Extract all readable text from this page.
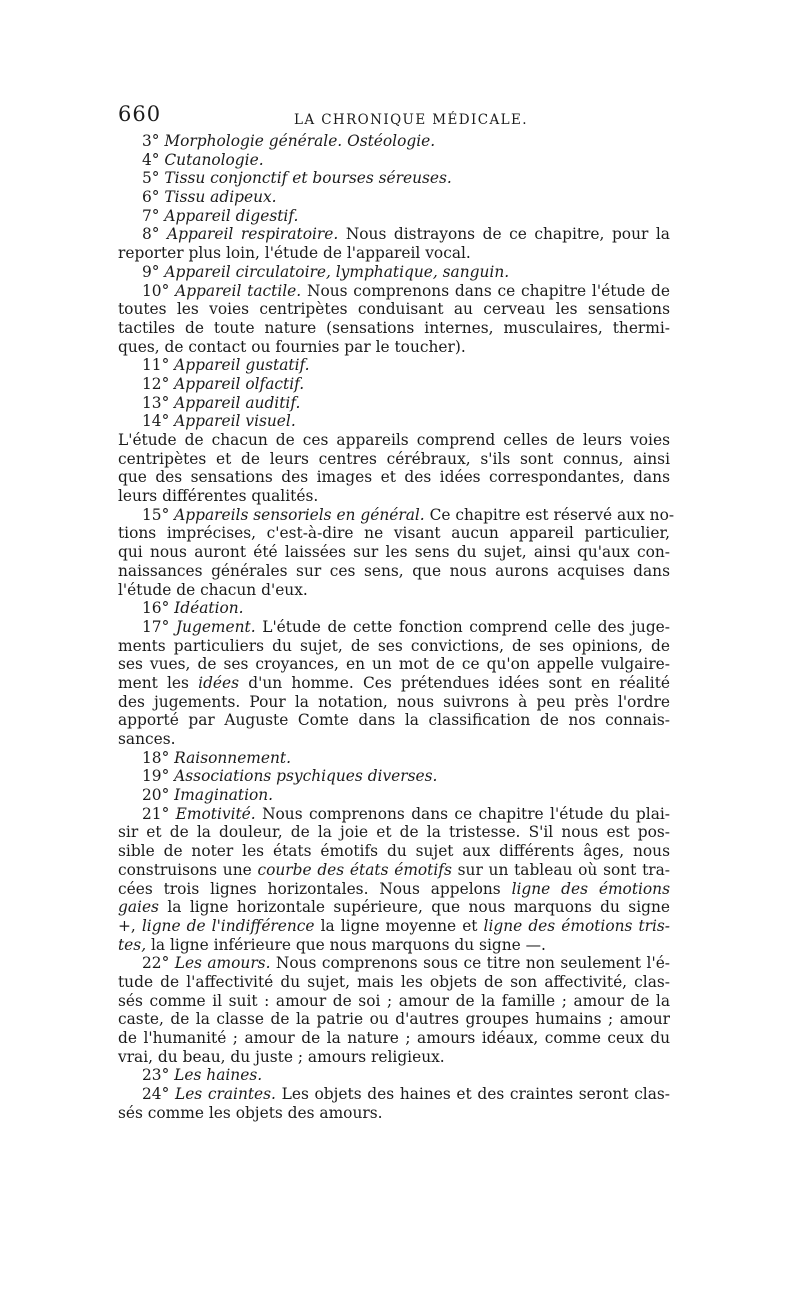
660	LA CHRONIQUE MÉDICALE.
3° Morphologie générale. Ostéologie.
4° Cutanologie.
5° Tissu conjonctif et bourses séreuses.
6° Tissu adipeux.
7° Appareil digestif.
8° Appareil respiratoire. Nous distrayons de ce chapitre, pour la
reporter plus loin, l'étude de l'appareil vocal.
9° Appareil circulatoire, lymphatique, sanguin.
10° Appareil tactile. Nous comprenons dans ce chapitre l'étude de
toutes les voies centripètes conduisant au cerveau les sensations
tactiles de toute nature (sensations internes, musculaires, thermi-
ques, de contact ou fournies par le toucher).
11° Appareil gustatif.
12° Appareil olfactif.
13° Appareil auditif.
14° Appareil visuel.
L'étude de chacun de ces appareils comprend celles de leurs voies
centripètes et de leurs centres cérébraux, s'ils sont connus, ainsi
que des sensations des images et des idées correspondantes, dans
leurs différentes qualités.
15° Appareils sensoriels en général. Ce chapitre est réservé aux no-
tions imprécises, c'est-à-dire ne visant aucun appareil particulier,
qui nous auront été laissées sur les sens du sujet, ainsi qu'aux con-
naissances générales sur ces sens, que nous aurons acquises dans
l'étude de chacun d'eux.
16° Idéation.
17° Jugement. L'étude de cette fonction comprend celle des juge-
ments particuliers du sujet, de ses convictions, de ses opinions, de
ses vues, de ses croyances, en un mot de ce qu'on appelle vulgaire-
ment les idées d'un homme. Ces prétendues idées sont en réalité
des jugements. Pour la notation, nous suivrons à peu près l'ordre
apporté par Auguste Comte dans la classification de nos connais-
sances.
18° Raisonnement.
19° Associations psychiques diverses.
20° Imagination.
21° Emotivité. Nous comprenons dans ce chapitre l'étude du plai-
sir et de la douleur, de la joie et de la tristesse. S'il nous est pos-
sible de noter les états émotifs du sujet aux différents âges, nous
construisons une courbe des états émotifs sur un tableau où sont tra-
cées trois lignes horizontales. Nous appelons ligne des émotions
gaies la ligne horizontale supérieure, que nous marquons du signe
+, ligne de l'indifférence la ligne moyenne et ligne des émotions tris-
tes, la ligne inférieure que nous marquons du signe —.
22° Les amours. Nous comprenons sous ce titre non seulement l'é-
tude de l'affectivité du sujet, mais les objets de son affectivité, clas-
sés comme il suit : amour de soi ; amour de la famille ; amour de la
caste, de la classe de la patrie ou d'autres groupes humains ; amour
de l'humanité ; amour de la nature ; amours idéaux, comme ceux du
vrai, du beau, du juste ; amours religieux.
23° Les haines.
24° Les craintes. Les objets des haines et des craintes seront clas-
sés comme les objets des amours.
